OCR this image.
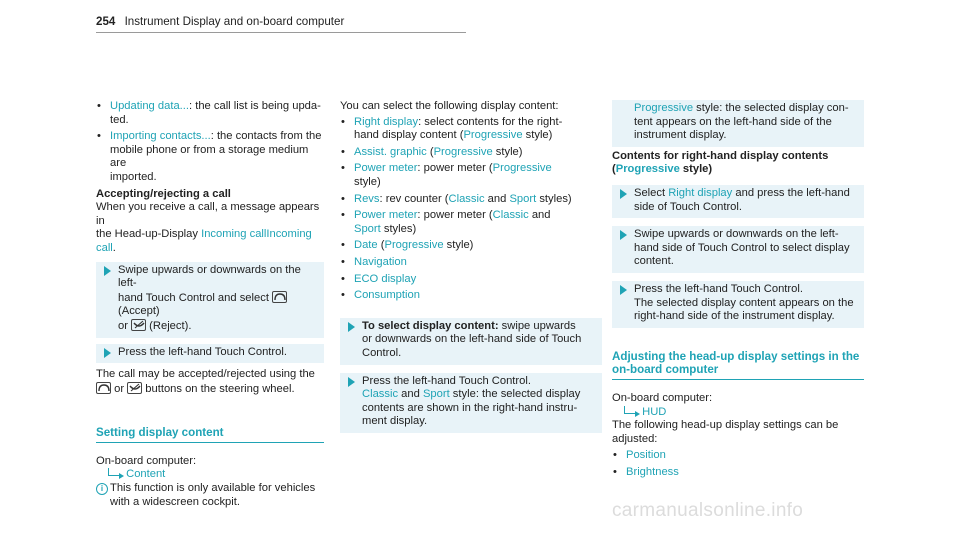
254 Instrument Display and on-board computer
• Updating data...: the call list is being upda-
ted.
• Importing contacts...: the contacts from the
mobile phone or from a storage medium are
imported.

Accepting/rejecting a call

When you receive a call, a message appears in
the Head-up-Display Incoming callIncoming call.

Swipe upwards or downwards on the left-
hand Touch Control and select
(Accept)
or (Reject).
Press the left-hand Touch Control.

The call may be accepted/rejected using the
or buttons on the steering wheel.

Setting display content

On-board computer:

Content

i This function is only available for vehicles
with a widescreen cockpit.

You can select the following display content:

• Right display: select contents for the right-
hand display content (Progressive style)
• Assist. graphic (Progressive style)
• Power meter: power meter (Progressive
style)
• Revs: rev counter (Classic and Sport styles)
• Power meter: power meter (Classic and
Sport styles)
• Date (Progressive style)
• Navigation
• ECO display
• Consumption
To select display content: swipe upwards
or downwards on the left-hand side of Touch
Control.
Press the left-hand Touch Control.
Classic and Sport style: the selected display
contents are shown in the right-hand instru-
ment display.
Progressive style: the selected display con-
tent appears on the left-hand side of the
instrument display.

Contents for right-hand display contents
(Progressive style)

Select Right display and press the left-hand
side of Touch Control.
Swipe upwards or downwards on the left-
hand side of Touch Control to select display
content.
Press the left-hand Touch Control.
The selected display content appears on the
right-hand side of the instrument display.
Adjusting the head-up display settings in the
on-board computer

On-board computer:

HUD

The following head-up display settings can be
adjusted:

• Position
• Brightness
carmanualsonline.info
